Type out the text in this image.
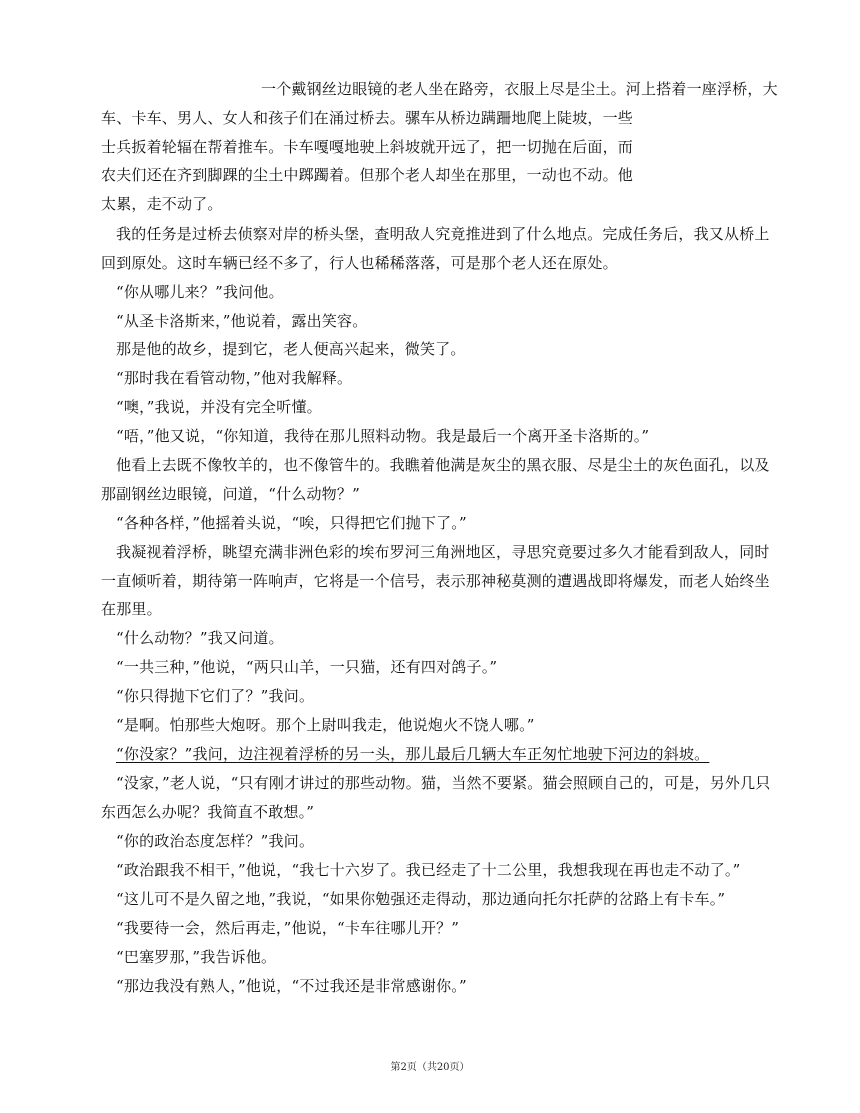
一个戴钢丝边眼镜的老人坐在路旁，衣服上尽是尘土。河上搭着一座浮桥，大
车、卡车、男人、女人和孩子们在涌过桥去。骡车从桥边蹒跚地爬上陡坡，一些
士兵扳着轮辐在帮着推车。卡车嘎嘎地驶上斜坡就开远了，把一切抛在后面，而
农夫们还在齐到脚踝的尘土中踯躅着。但那个老人却坐在那里，一动也不动。他
太累，走不动了。
我的任务是过桥去侦察对岸的桥头堡，查明敌人究竟推进到了什么地点。完成任务后，我又从桥上
回到原处。这时车辆已经不多了，行人也稀稀落落，可是那个老人还在原处。
“你从哪儿来？”我问他。
“从圣卡洛斯来，”他说着，露出笑容。
那是他的故乡，提到它，老人便高兴起来，微笑了。
“那时我在看管动物，”他对我解释。
“噢，”我说，并没有完全听懂。
“唔，”他又说，“你知道，我待在那儿照料动物。我是最后一个离开圣卡洛斯的。”
他看上去既不像牧羊的，也不像管牛的。我瞧着他满是灰尘的黑衣服、尽是尘土的灰色面孔，以及
那副钢丝边眼镜，问道，“什么动物？”
“各种各样，”他摇着头说，“唉，只得把它们抛下了。”
我凝视着浮桥，眺望充满非洲色彩的埃布罗河三角洲地区，寻思究竟要过多久才能看到敌人，同时
一直倾听着，期待第一阵响声，它将是一个信号，表示那神秘莫测的遭遇战即将爆发，而老人始终坐
在那里。
“什么动物？”我又问道。
“一共三种，”他说，“两只山羊，一只猫，还有四对鸽子。”
“你只得抛下它们了？”我问。
“是啊。怕那些大炮呀。那个上尉叫我走，他说炮火不饶人哪。”
“你没家？”我问，边注视着浮桥的另一头，那儿最后几辆大车正匆忙地驶下河边的斜坡。
“没家，”老人说，“只有刚才讲过的那些动物。猫，当然不要紧。猫会照顾自己的，可是，另外几只
东西怎么办呢？我简直不敢想。”
“你的政治态度怎样？”我问。
“政治跟我不相干，”他说，“我七十六岁了。我已经走了十二公里，我想我现在再也走不动了。”
“这儿可不是久留之地，”我说，“如果你勉强还走得动，那边通向托尔托萨的岔路上有卡车。”
“我要待一会，然后再走，”他说，“卡车往哪儿开？”
“巴塞罗那，”我告诉他。
“那边我没有熟人，”他说，“不过我还是非常感谢你。”
第2页（共20页）
